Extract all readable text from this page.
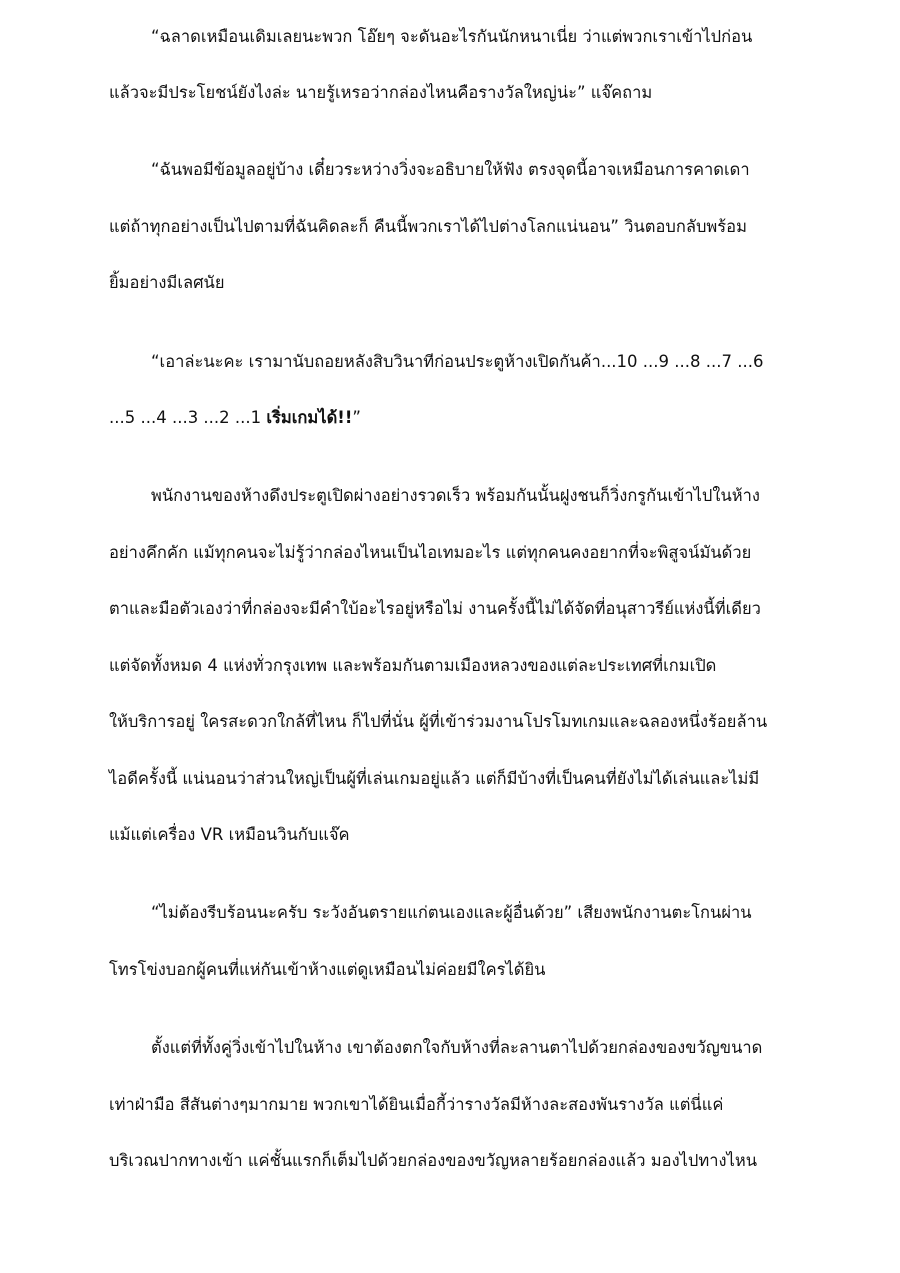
“ฉลาดเหมือนเดิมเลยนะพวก โอ๊ยๆ จะดันอะไรกันนักหนาเนี่ย ว่าแต่พวกเราเข้าไปก่อน

แล้วจะมีประโยชน์ยังไงล่ะ นายรู้เหรอว่ากล่องไหนคือรางวัลใหญ่น่ะ” แจ๊คถาม

“ฉันพอมีข้อมูลอยู่บ้าง เดี๋ยวระหว่างวิ่งจะอธิบายให้ฟัง ตรงจุดนี้อาจเหมือนการคาดเดา

แต่ถ้าทุกอย่างเป็นไปตามที่ฉันคิดละก็ คืนนี้พวกเราได้ไปต่างโลกแน่นอน” วินตอบกลับพร้อม

ยิ้มอย่างมีเลศนัย

“เอาล่ะนะคะ เรามานับถอยหลังสิบวินาทีก่อนประตูห้างเปิดกันค้า...10 ...9 ...8 ...7 ...6

...5 ...4 ...3 ...2 ...1 เริ่มเกมได้!!”

พนักงานของห้างดึงประตูเปิดผ่างอย่างรวดเร็ว พร้อมกันนั้นฝูงชนก็วิ่งกรูกันเข้าไปในห้าง

อย่างคึกคัก แม้ทุกคนจะไม่รู้ว่ากล่องไหนเป็นไอเทมอะไร แต่ทุกคนคงอยากที่จะพิสูจน์มันด้วย

ตาและมือตัวเองว่าที่กล่องจะมีคำใบ้อะไรอยู่หรือไม่ งานครั้งนี้ไม่ได้จัดที่อนุสาวรีย์แห่งนี้ที่เดียว

แต่จัดทั้งหมด 4 แห่งทั่วกรุงเทพ และพร้อมกันตามเมืองหลวงของแต่ละประเทศที่เกมเปิด

ให้บริการอยู่ ใครสะดวกใกล้ที่ไหน ก็ไปที่นั่น ผู้ที่เข้าร่วมงานโปรโมทเกมและฉลองหนึ่งร้อยล้าน

ไอดีครั้งนี้ แน่นอนว่าส่วนใหญ่เป็นผู้ที่เล่นเกมอยู่แล้ว แต่ก็มีบ้างที่เป็นคนที่ยังไม่ได้เล่นและไม่มี

แม้แต่เครื่อง VR เหมือนวินกับแจ๊ค

“ไม่ต้องรีบร้อนนะครับ ระวังอันตรายแก่ตนเองและผู้อื่นด้วย” เสียงพนักงานตะโกนผ่าน

โทรโข่งบอกผู้คนที่แห่กันเข้าห้างแต่ดูเหมือนไม่ค่อยมีใครได้ยิน

ตั้งแต่ที่ทั้งคู่วิ่งเข้าไปในห้าง เขาต้องตกใจกับห้างที่ละลานตาไปด้วยกล่องของขวัญขนาด

เท่าฝ่ามือ สีสันต่างๆมากมาย พวกเขาได้ยินเมื่อกี้ว่ารางวัลมีห้างละสองพันรางวัล แต่นี่แค่

บริเวณปากทางเข้า แค่ชั้นแรกก็เต็มไปด้วยกล่องของขวัญหลายร้อยกล่องแล้ว มองไปทางไหน
